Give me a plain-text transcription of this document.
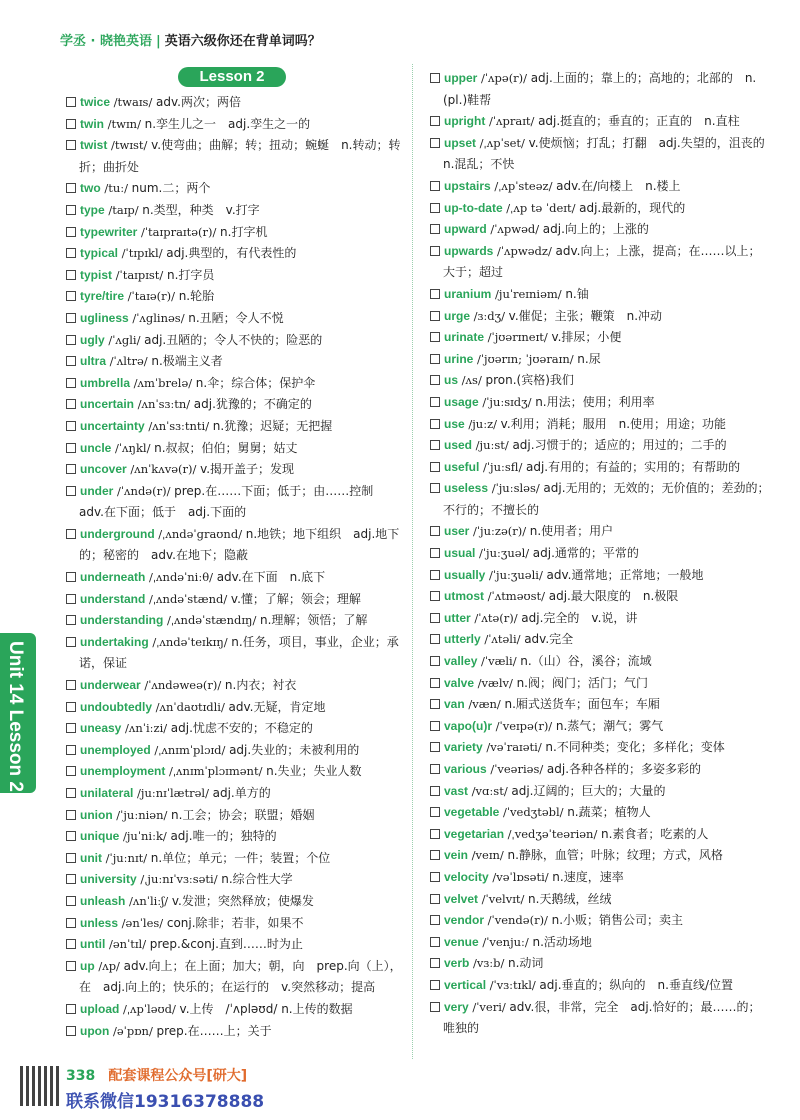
学丞 · 晓艳英语 | 英语六级你还在背单词吗？
Lesson 2

twice /twaɪs/ adv.两次；两倍

twin /twɪn/ n.孪生儿之一　adj.孪生之一的

twist /twɪst/ v.使弯曲；曲解；转；扭动；蜿蜒　n.转动；转折；曲折处

two /tuː/ num.二；两个

type /taɪp/ n.类型，种类　v.打字

typewriter /ˈtaɪpraɪtə(r)/ n.打字机

typical /ˈtɪpɪkl/ adj.典型的，有代表性的

typist /ˈtaɪpɪst/ n.打字员

tyre/tire /ˈtaɪə(r)/ n.轮胎

ugliness /ˈʌglinəs/ n.丑陋；令人不悦

ugly /ˈʌgli/ adj.丑陋的；令人不快的；险恶的

ultra /ˈʌltrə/ n.极端主义者

umbrella /ʌmˈbrelə/ n.伞；综合体；保护伞

uncertain /ʌnˈsɜːtn/ adj.犹豫的；不确定的

uncertainty /ʌnˈsɜːtnti/ n.犹豫；迟疑；无把握

uncle /ˈʌŋkl/ n.叔叔；伯伯；舅舅；姑丈

uncover /ʌnˈkʌvə(r)/ v.揭开盖子；发现

under /ˈʌndə(r)/ prep.在……下面；低于；由……控制　adv.在下面；低于　adj.下面的

underground /ˌʌndəˈgraʊnd/ n.地铁；地下组织　adj.地下的；秘密的　adv.在地下；隐蔽

underneath /ˌʌndəˈniːθ/ adv.在下面　n.底下

understand /ˌʌndəˈstænd/ v.懂；了解；领会；理解

understanding /ˌʌndəˈstændɪŋ/ n.理解；领悟；了解

undertaking /ˌʌndəˈteɪkɪŋ/ n.任务，项目，事业，企业；承诺，保证

underwear /ˈʌndəweə(r)/ n.内衣；衬衣

undoubtedly /ʌnˈdaʊtɪdli/ adv.无疑，肯定地

uneasy /ʌnˈiːzi/ adj.忧虑不安的；不稳定的

unemployed /ˌʌnɪmˈplɔɪd/ adj.失业的；未被利用的

unemployment /ˌʌnɪmˈplɔɪmənt/ n.失业；失业人数

unilateral /juːnɪˈlætrəl/ adj.单方的

union /ˈjuːniən/ n.工会；协会；联盟；婚姻

unique /juˈniːk/ adj.唯一的；独特的

unit /ˈjuːnɪt/ n.单位；单元；一件；装置；个位

university /ˌjuːnɪˈvɜːsəti/ n.综合性大学

unleash /ʌnˈliːʃ/ v.发泄；突然释放；使爆发

unless /ənˈles/ conj.除非；若非，如果不

until /ənˈtɪl/ prep.&conj.直到……时为止

up /ʌp/ adv.向上；在上面；加大；朝，向　prep.向（上），在　adj.向上的；快乐的；在运行的　v.突然移动；提高

upload /ˌʌpˈləʊd/ v.上传　/ˈʌpləʊd/ n.上传的数据

upon /əˈpɒn/ prep.在……上；关于

upper /ˈʌpə(r)/ adj.上面的；靠上的；高地的；北部的　n.(pl.)鞋帮

upright /ˈʌpraɪt/ adj.挺直的；垂直的；正直的　n.直柱

upset /ˌʌpˈset/ v.使烦恼；打乱；打翻　adj.失望的，沮丧的　n.混乱；不快

upstairs /ˌʌpˈsteəz/ adv.在/向楼上　n.楼上

up-to-date /ˌʌp tə ˈdeɪt/ adj.最新的，现代的

upward /ˈʌpwəd/ adj.向上的；上涨的

upwards /ˈʌpwədz/ adv.向上；上涨，提高；在……以上；大于；超过

uranium /juˈreɪniəm/ n.铀

urge /ɜːdʒ/ v.催促；主张；鞭策　n.冲动

urinate /ˈjʊərɪneɪt/ v.排尿；小便

urine /ˈjʊərɪn; ˈjʊəraɪn/ n.尿

us /ʌs/ pron.(宾格)我们

usage /ˈjuːsɪdʒ/ n.用法；使用；利用率

use /juːz/ v.利用；消耗；服用　n.使用；用途；功能

used /juːst/ adj.习惯于的；适应的；用过的；二手的

useful /ˈjuːsfl/ adj.有用的；有益的；实用的；有帮助的

useless /ˈjuːsləs/ adj.无用的；无效的；无价值的；差劲的；不行的；不擅长的

user /ˈjuːzə(r)/ n.使用者；用户

usual /ˈjuːʒuəl/ adj.通常的；平常的

usually /ˈjuːʒuəli/ adv.通常地；正常地；一般地

utmost /ˈʌtməʊst/ adj.最大限度的　n.极限

utter /ˈʌtə(r)/ adj.完全的　v.说，讲

utterly /ˈʌtəli/ adv.完全

valley /ˈvæli/ n.（山）谷，溪谷；流域

valve /vælv/ n.阀；阀门；活门；气门

van /væn/ n.厢式送货车；面包车；车厢

vapo(u)r /ˈveɪpə(r)/ n.蒸气；潮气；雾气

variety /vəˈraɪəti/ n.不同种类；变化；多样化；变体

various /ˈveəriəs/ adj.各种各样的；多姿多彩的

vast /vɑːst/ adj.辽阔的；巨大的；大量的

vegetable /ˈvedʒtəbl/ n.蔬菜；植物人

vegetarian /ˌvedʒəˈteəriən/ n.素食者；吃素的人

vein /veɪn/ n.静脉，血管；叶脉；纹理；方式，风格

velocity /vəˈlɒsəti/ n.速度，速率

velvet /ˈvelvɪt/ n.天鹅绒，丝绒

vendor /ˈvendə(r)/ n.小贩；销售公司；卖主

venue /ˈvenjuː/ n.活动场地

verb /vɜːb/ n.动词

vertical /ˈvɜːtɪkl/ adj.垂直的；纵向的　n.垂直线/位置

very /ˈveri/ adv.很，非常，完全　adj.恰好的；最……的；唯独的

Unit 14 Lesson 2
338 配套课程公众号[研大]
联系微信19316378888
